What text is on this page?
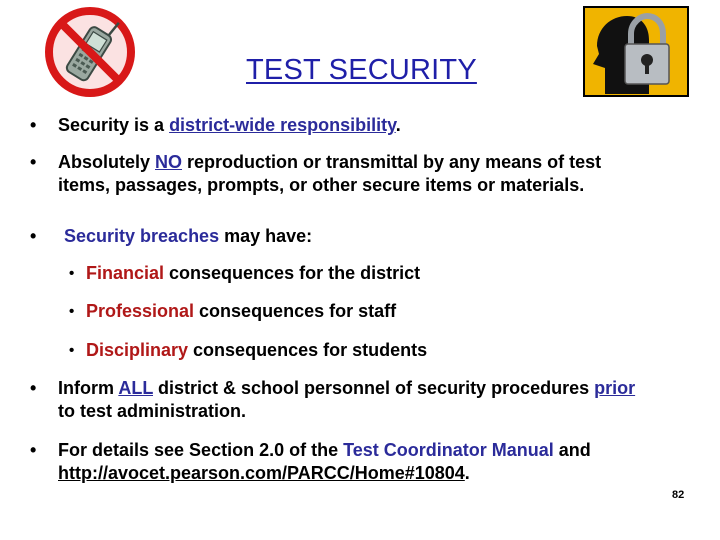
TEST SECURITY
• Security is a district-wide responsibility.
• Absolutely NO reproduction or transmittal by any means of test
items, passages, prompts, or other secure items or materials.
• Security breaches may have:
• Financial consequences for the district
• Professional consequences for staff
• Disciplinary consequences for students
• Inform ALL district & school personnel of security procedures prior
to test administration.
• For details see Section 2.0 of the Test Coordinator Manual and
http://avocet.pearson.com/PARCC/Home#10804.
82
